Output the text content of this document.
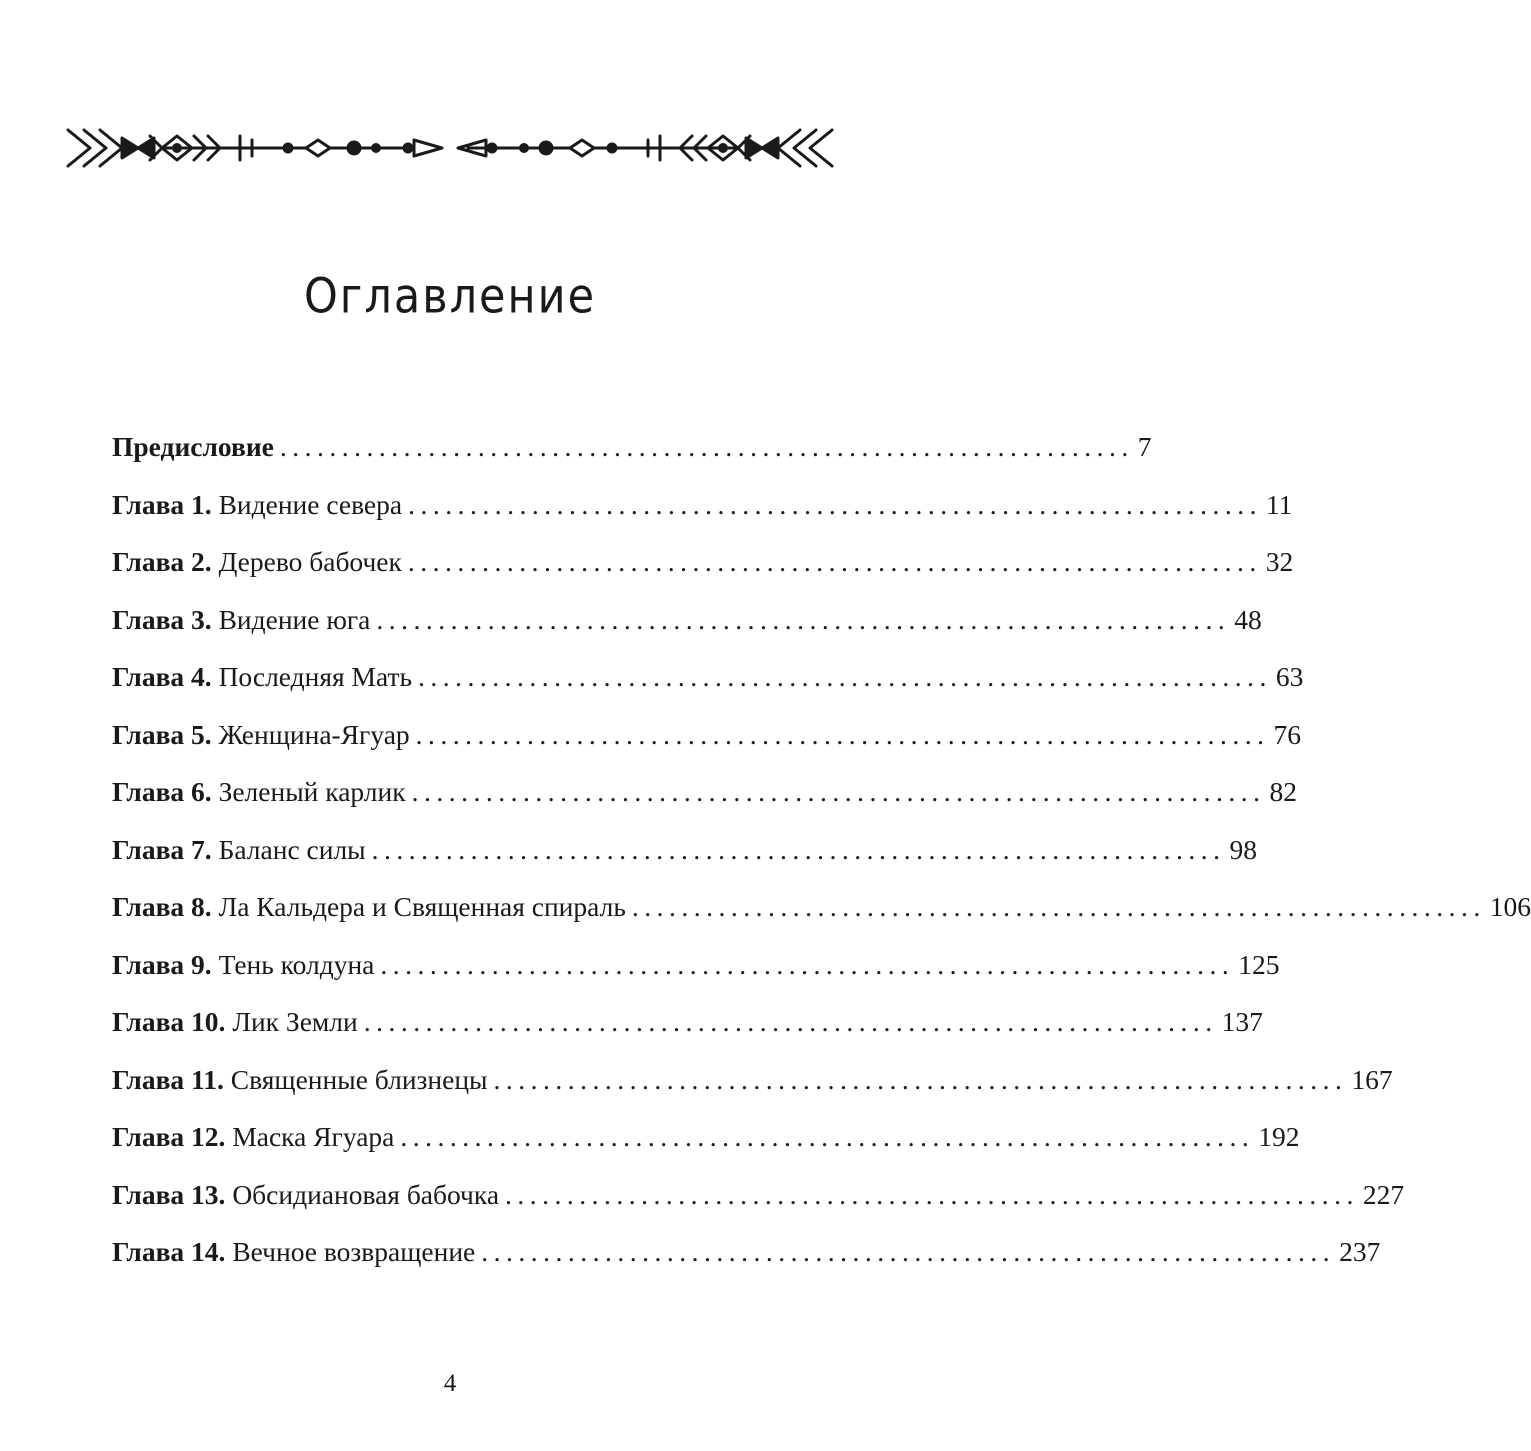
Оглавление
Предисловие ..................................................................... 7
Глава 1. Видение севера ..................................................................... 11
Глава 2. Дерево бабочек ..................................................................... 32
Глава 3. Видение юга ..................................................................... 48
Глава 4. Последняя Мать ..................................................................... 63
Глава 5. Женщина-Ягуар ..................................................................... 76
Глава 6. Зеленый карлик ..................................................................... 82
Глава 7. Баланс силы ..................................................................... 98
Глава 8. Ла Кальдера и Священная спираль ..................................................................... 106
Глава 9. Тень колдуна ..................................................................... 125
Глава 10. Лик Земли ..................................................................... 137
Глава 11. Священные близнецы ..................................................................... 167
Глава 12. Маска Ягуара ..................................................................... 192
Глава 13. Обсидиановая бабочка ..................................................................... 227
Глава 14. Вечное возвращение ..................................................................... 237
4
